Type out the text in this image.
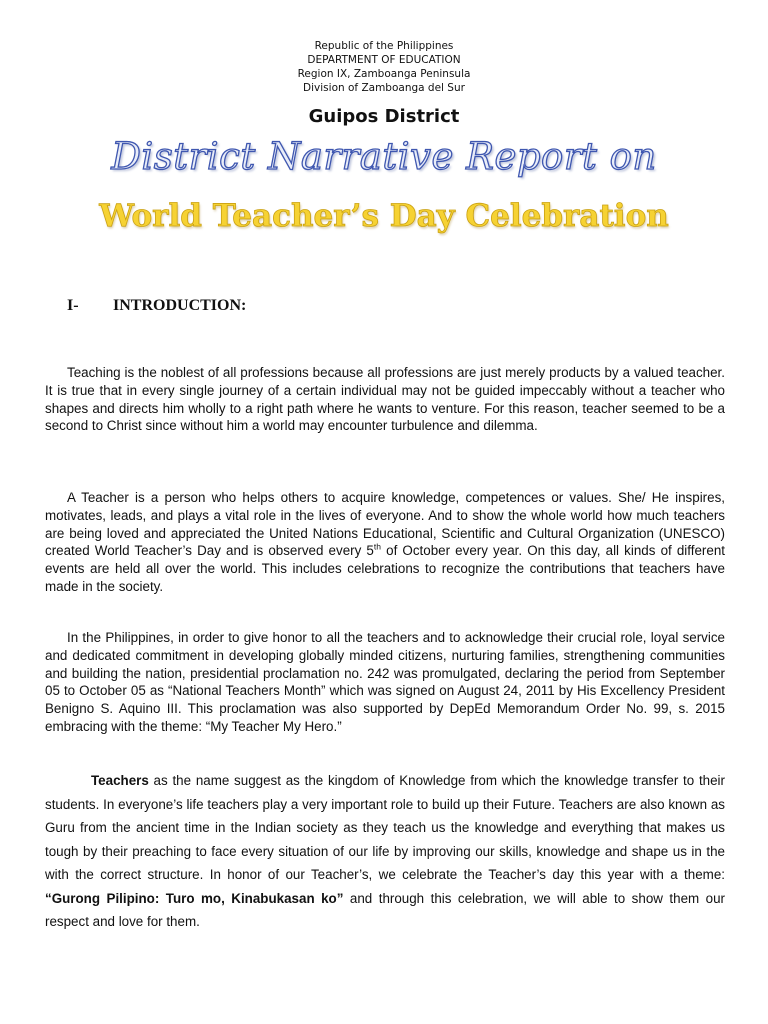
Republic of the Philippines
DEPARTMENT OF EDUCATION
Region IX, Zamboanga Peninsula
Division of Zamboanga del Sur
Guipos District
District Narrative Report on
World Teacher’s Day Celebration
I- INTRODUCTION:

Teaching is the noblest of all professions because all professions are just merely products by a valued teacher. It is true that in every single journey of a certain individual may not be guided impeccably without a teacher who shapes and directs him wholly to a right path where he wants to venture. For this reason, teacher seemed to be a second to Christ since without him a world may encounter turbulence and dilemma.

A Teacher is a person who helps others to acquire knowledge, competences or values. She/ He inspires, motivates, leads, and plays a vital role in the lives of everyone. And to show the whole world how much teachers are being loved and appreciated the United Nations Educational, Scientific and Cultural Organization (UNESCO) created World Teacher’s Day and is observed every 5th of October every year. On this day, all kinds of different events are held all over the world. This includes celebrations to recognize the contributions that teachers have made in the society.

In the Philippines, in order to give honor to all the teachers and to acknowledge their crucial role, loyal service and dedicated commitment in developing globally minded citizens, nurturing families, strengthening communities and building the nation, presidential proclamation no. 242 was promulgated, declaring the period from September 05 to October 05 as “National Teachers Month” which was signed on August 24, 2011 by His Excellency President Benigno S. Aquino III. This proclamation was also supported by DepEd Memorandum Order No. 99, s. 2015 embracing with the theme: “My Teacher My Hero.”

Teachers as the name suggest as the kingdom of Knowledge from which the knowledge transfer to their students. In everyone’s life teachers play a very important role to build up their Future. Teachers are also known as Guru from the ancient time in the Indian society as they teach us the knowledge and everything that makes us tough by their preaching to face every situation of our life by improving our skills, knowledge and shape us in the with the correct structure. In honor of our Teacher’s, we celebrate the Teacher’s day this year with a theme: “Gurong Pilipino: Turo mo, Kinabukasan ko” and through this celebration, we will able to show them our respect and love for them.
